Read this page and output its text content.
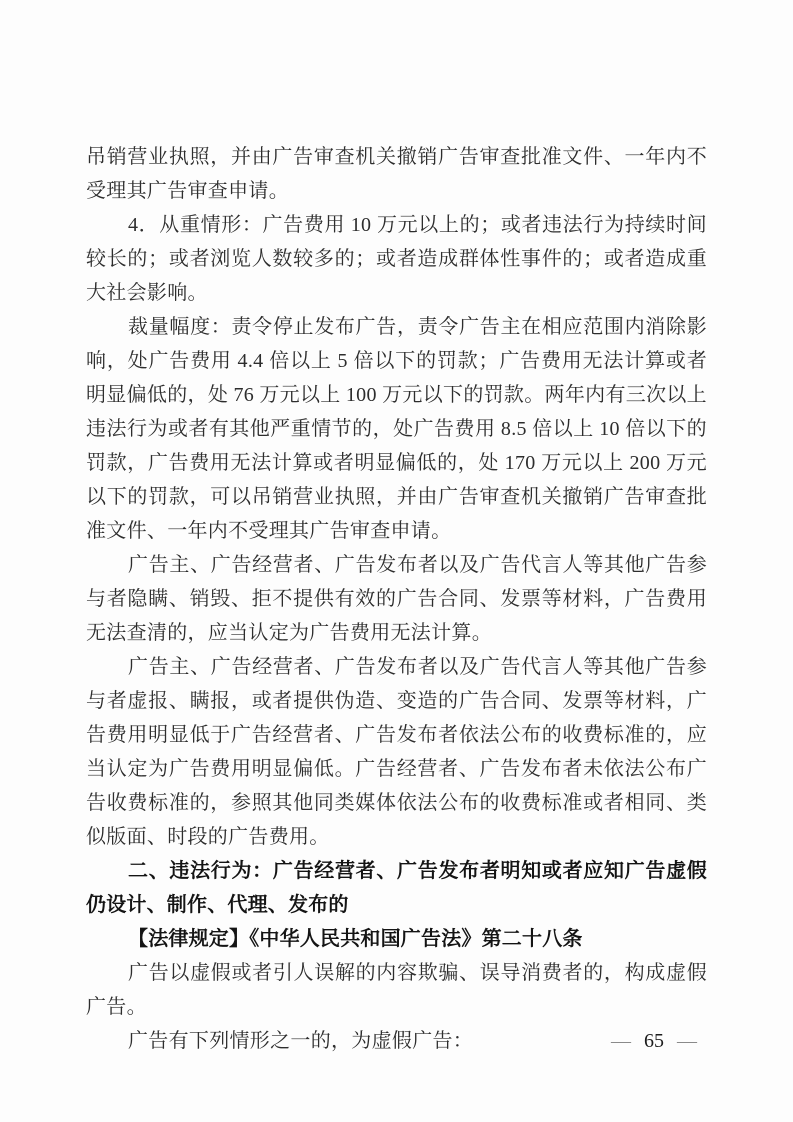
吊销营业执照，并由广告审查机关撤销广告审查批准文件、一年内不受理其广告审查申请。

4．从重情形：广告费用 10 万元以上的；或者违法行为持续时间较长的；或者浏览人数较多的；或者造成群体性事件的；或者造成重大社会影响。

裁量幅度：责令停止发布广告，责令广告主在相应范围内消除影响，处广告费用 4.4 倍以上 5 倍以下的罚款；广告费用无法计算或者明显偏低的，处 76 万元以上 100 万元以下的罚款。两年内有三次以上违法行为或者有其他严重情节的，处广告费用 8.5 倍以上 10 倍以下的罚款，广告费用无法计算或者明显偏低的，处 170 万元以上 200 万元以下的罚款，可以吊销营业执照，并由广告审查机关撤销广告审查批准文件、一年内不受理其广告审查申请。

广告主、广告经营者、广告发布者以及广告代言人等其他广告参与者隐瞒、销毁、拒不提供有效的广告合同、发票等材料，广告费用无法查清的，应当认定为广告费用无法计算。

广告主、广告经营者、广告发布者以及广告代言人等其他广告参与者虚报、瞒报，或者提供伪造、变造的广告合同、发票等材料，广告费用明显低于广告经营者、广告发布者依法公布的收费标准的，应当认定为广告费用明显偏低。广告经营者、广告发布者未依法公布广告收费标准的，参照其他同类媒体依法公布的收费标准或者相同、类似版面、时段的广告费用。

二、违法行为：广告经营者、广告发布者明知或者应知广告虚假仍设计、制作、代理、发布的

【法律规定】《中华人民共和国广告法》第二十八条

广告以虚假或者引人误解的内容欺骗、误导消费者的，构成虚假广告。

广告有下列情形之一的，为虚假广告：	— 65 —
